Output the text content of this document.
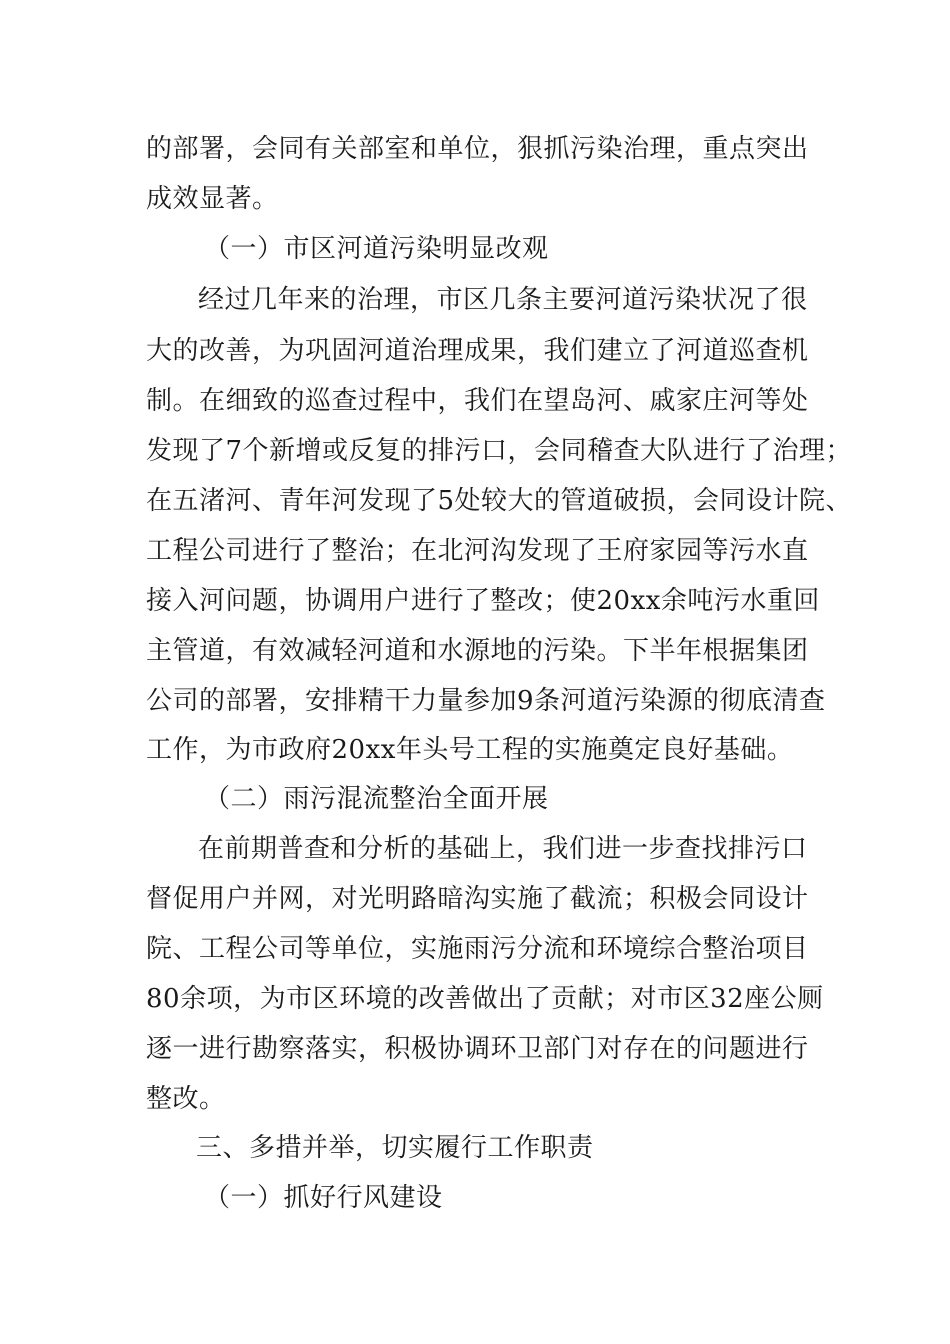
的部署，会同有关部室和单位，狠抓污染治理，重点突出
成效显著。
（一）市区河道污染明显改观
经过几年来的治理，市区几条主要河道污染状况了很
大的改善，为巩固河道治理成果，我们建立了河道巡查机
制。在细致的巡查过程中，我们在望岛河、戚家庄河等处
发现了7个新增或反复的排污口，会同稽查大队进行了治理；
在五渚河、青年河发现了5处较大的管道破损，会同设计院、
工程公司进行了整治；在北河沟发现了王府家园等污水直
接入河问题，协调用户进行了整改；使20xx余吨污水重回
主管道，有效减轻河道和水源地的污染。下半年根据集团
公司的部署，安排精干力量参加9条河道污染源的彻底清查
工作，为市政府20xx年头号工程的实施奠定良好基础。
（二）雨污混流整治全面开展
在前期普查和分析的基础上，我们进一步查找排污口
督促用户并网，对光明路暗沟实施了截流；积极会同设计
院、工程公司等单位，实施雨污分流和环境综合整治项目
80余项，为市区环境的改善做出了贡献；对市区32座公厕
逐一进行勘察落实，积极协调环卫部门对存在的问题进行
整改。
三、多措并举，切实履行工作职责
（一）抓好行风建设
